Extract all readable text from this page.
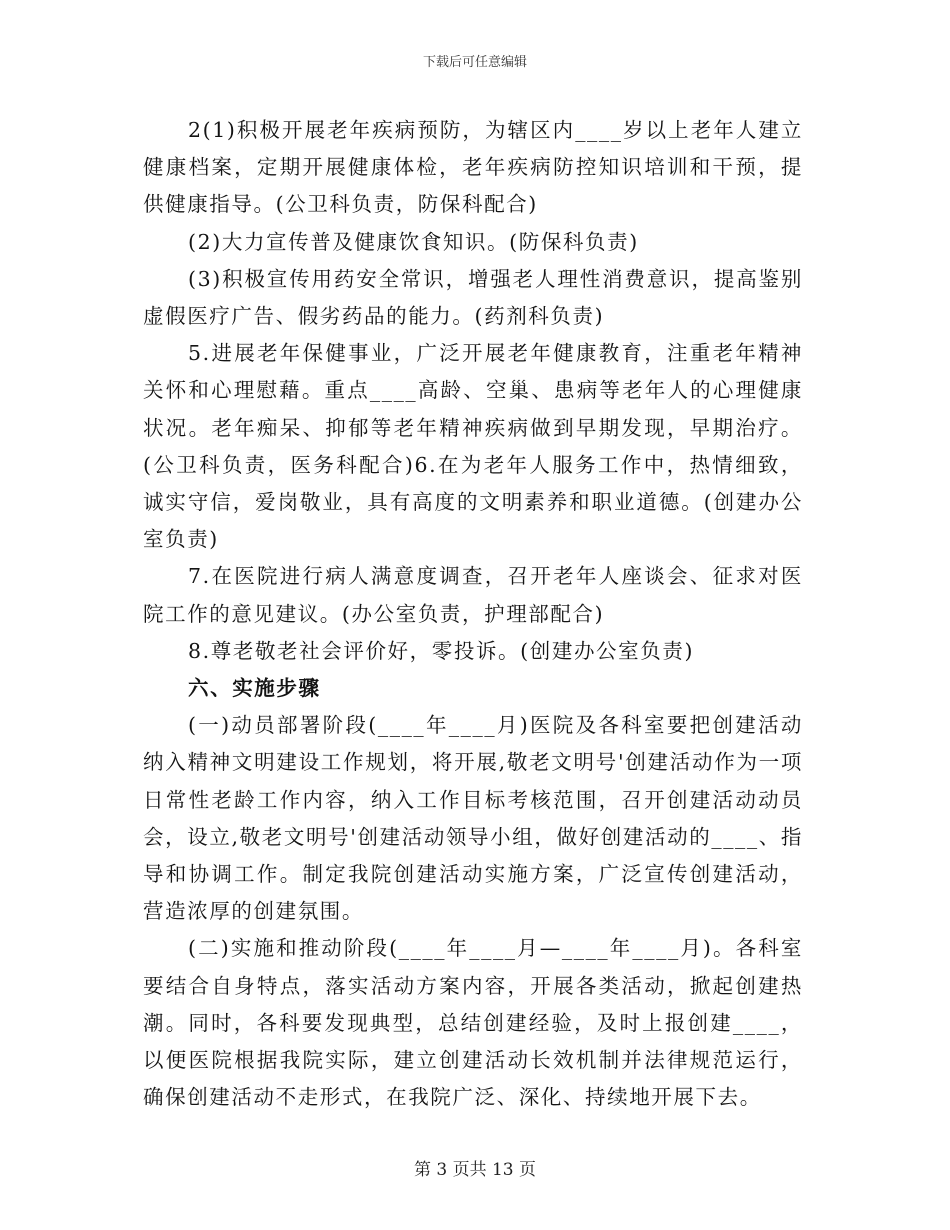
下载后可任意编辑

2(1)积极开展老年疾病预防，为辖区内____岁以上老年人建立健康档案，定期开展健康体检，老年疾病防控知识培训和干预，提供健康指导。(公卫科负责，防保科配合)

(2)大力宣传普及健康饮食知识。(防保科负责)

(3)积极宣传用药安全常识，增强老人理性消费意识，提高鉴别虚假医疗广告、假劣药品的能力。(药剂科负责)

5.进展老年保健事业，广泛开展老年健康教育，注重老年精神关怀和心理慰藉。重点____高龄、空巢、患病等老年人的心理健康状况。老年痴呆、抑郁等老年精神疾病做到早期发现，早期治疗。(公卫科负责，医务科配合)6.在为老年人服务工作中，热情细致，诚实守信，爱岗敬业，具有高度的文明素养和职业道德。(创建办公室负责)

7.在医院进行病人满意度调查，召开老年人座谈会、征求对医院工作的意见建议。(办公室负责，护理部配合)

8.尊老敬老社会评价好，零投诉。(创建办公室负责)

六、实施步骤

(一)动员部署阶段(____年____月)医院及各科室要把创建活动纳入精神文明建设工作规划，将开展,敬老文明号'创建活动作为一项日常性老龄工作内容，纳入工作目标考核范围，召开创建活动动员会，设立,敬老文明号'创建活动领导小组，做好创建活动的____、指导和协调工作。制定我院创建活动实施方案，广泛宣传创建活动，营造浓厚的创建氛围。

(二)实施和推动阶段(____年____月—____年____月)。各科室要结合自身特点，落实活动方案内容，开展各类活动，掀起创建热潮。同时，各科要发现典型，总结创建经验，及时上报创建____，以便医院根据我院实际，建立创建活动长效机制并法律规范运行，确保创建活动不走形式，在我院广泛、深化、持续地开展下去。

第 3 页共 13 页
